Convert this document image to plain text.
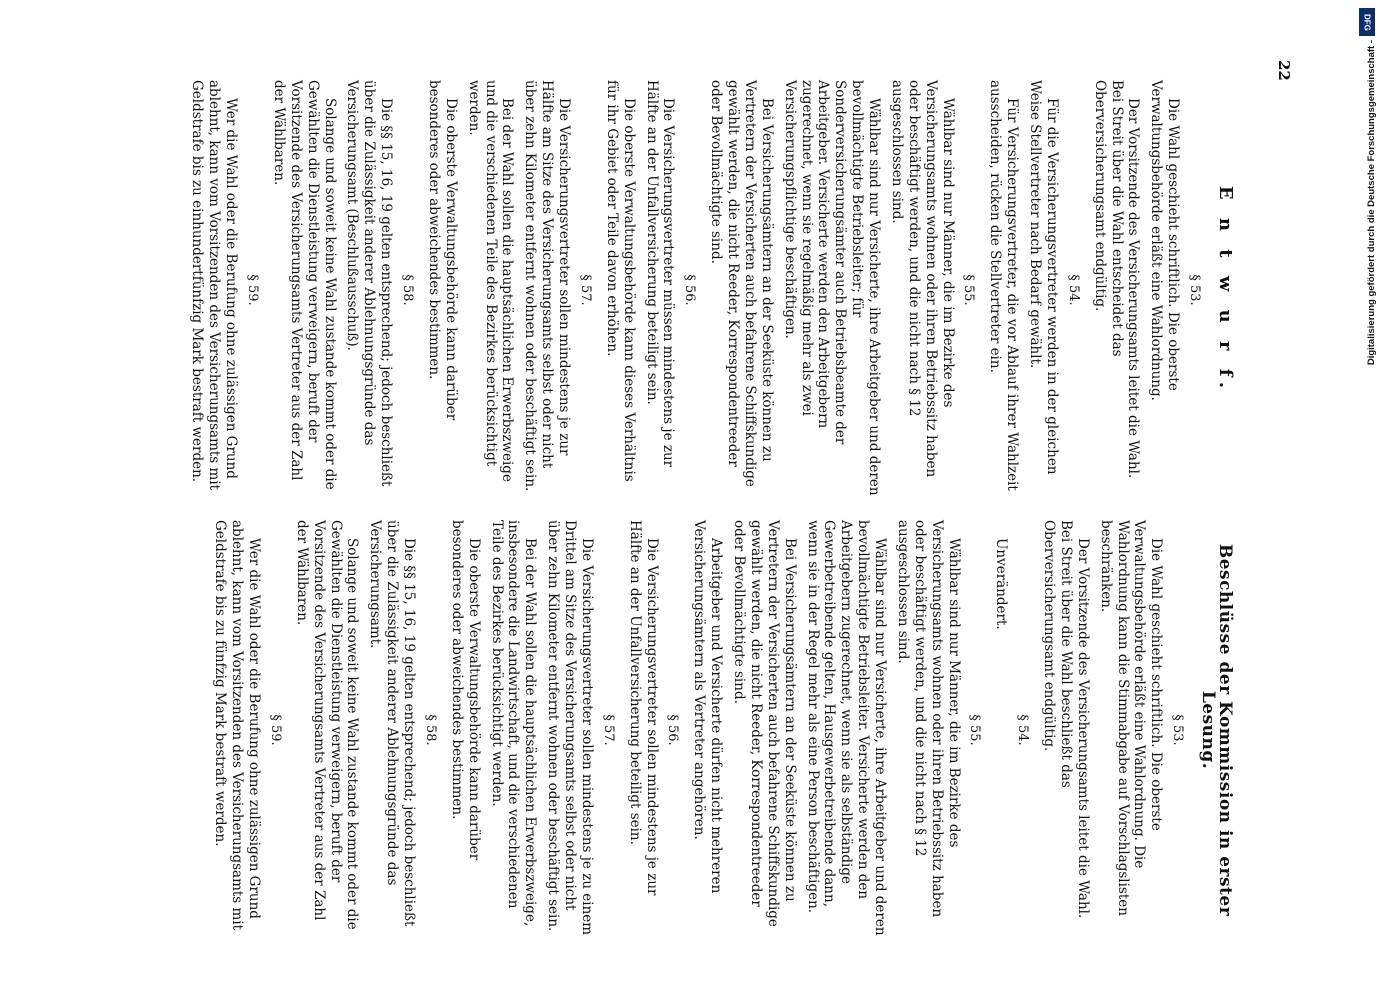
22
E n t w u r f.
§ 53.
Die Wahl geschieht schriftlich. Die oberste Verwaltungsbehörde erläßt eine Wahlordnung.
Der Vorsitzende des Versicherungsamts leitet die Wahl. Bei Streit über die Wahl entscheidet das Oberversicherungsamt endgültig.
§ 54.
Für die Versicherungsvertreter werden in der gleichen Weise Stellvertreter nach Bedarf gewählt.
Für Versicherungsvertreter, die vor Ablauf ihrer Wahlzeit ausscheiden, rücken die Stellvertreter ein.
§ 55.
Wählbar sind nur Männer, die im Bezirke des Versicherungsamts wohnen oder ihren Betriebssitz haben oder beschäftigt werden, und die nicht nach § 12 ausgeschlossen sind.
Wählbar sind nur Versicherte, ihre Arbeitgeber und deren bevollmächtigte Betriebsleiter; für Sonderversicherungsämter auch Betriebsbeamte der Arbeitgeber. Versicherte werden den Arbeitgebern zugerechnet, wenn sie regelmäßig mehr als zwei Versicherungspflichtige beschäftigen.
Bei Versicherungsämtern an der Seeküste können zu Vertretern der Versicherten auch befahrene Schiffskundige gewählt werden, die nicht Reeder, Korrespondentreeder oder Bevollmächtigte sind.
§ 56.
Die Versicherungsvertreter müssen mindestens je zur Hälfte an der Unfallversicherung beteiligt sein.
Die oberste Verwaltungsbehörde kann dieses Verhältnis für ihr Gebiet oder Teile davon erhöhen.
§ 57.
Die Versicherungsvertreter sollen mindestens je zur Hälfte am Sitze des Versicherungsamts selbst oder nicht über zehn Kilometer entfernt wohnen oder beschäftigt sein.
Bei der Wahl sollen die hauptsächlichen Erwerbszweige und die verschiedenen Teile des Bezirkes berücksichtigt werden.
Die oberste Verwaltungsbehörde kann darüber besonderes oder abweichendes bestimmen.
§ 58.
Die §§ 15, 16, 19 gelten entsprechend; jedoch beschließt über die Zulässigkeit anderer Ablehnungsgründe das Versicherungsamt (Beschlußausschuß).
Solange und soweit keine Wahl zustande kommt oder die Gewählten die Dienstleistung verweigern, beruft der Vorsitzende des Versicherungsamts Vertreter aus der Zahl der Wählbaren.
§ 59.
Wer die Wahl oder die Berufung ohne zulässigen Grund ablehnt, kann vom Vorsitzenden des Versicherungsamts mit Geldstrafe bis zu einhundertfünfzig Mark bestraft werden.
Beschlüsse der Kommission in erster Lesung.
§ 53.
Die Wahl geschieht schriftlich. Die oberste Verwaltungsbehörde erläßt eine Wahlordnung. Die Wahlordnung kann die Stimmabgabe auf Vorschlagslisten beschränken.
Der Vorsitzende des Versicherungsamts leitet die Wahl. Bei Streit über die Wahl beschließt das Oberversicherungsamt endgültig.
§ 54.
Unverändert.
§ 55.
Wählbar sind nur Männer, die im Bezirke des Versicherungsamts wohnen oder ihren Betriebssitz haben oder beschäftigt werden, und die nicht nach § 12 ausgeschlossen sind.
Wählbar sind nur Versicherte, ihre Arbeitgeber und deren bevollmächtigte Betriebsleiter. Versicherte werden den Arbeitgebern zugerechnet, wenn sie als selbständige Gewerbetreibende gelten, Hausgewerbetreibende dann, wenn sie in der Regel mehr als eine Person beschäftigen.
Bei Versicherungsämtern an der Seeküste können zu Vertretern der Versicherten auch befahrene Schiffskundige gewählt werden, die nicht Reeder, Korrespondentreeder oder Bevollmächtigte sind.
Arbeitgeber und Versicherte dürfen nicht mehreren Versicherungsämtern als Vertreter angehören.
§ 56.
Die Versicherungsvertreter sollen mindestens je zur Hälfte an der Unfallversicherung beteiligt sein.
§ 57.
Die Versicherungsvertreter sollen mindestens je zu einem Drittel am Sitze des Versicherungsamts selbst oder nicht über zehn Kilometer entfernt wohnen oder beschäftigt sein.
Bei der Wahl sollen die hauptsächlichen Erwerbszweige, insbesondere die Landwirtschaft, und die verschiedenen Teile des Bezirkes berücksichtigt werden.
Die oberste Verwaltungsbehörde kann darüber besonderes oder abweichendes bestimmen.
§ 58.
Die §§ 15, 16, 19 gelten entsprechend; jedoch beschließt über die Zulässigkeit anderer Ablehnungsgründe das Versicherungsamt.
Solange und soweit keine Wahl zustande kommt oder die Gewählten die Dienstleistung verweigern, beruft der Vorsitzende des Versicherungsamts Vertreter aus der Zahl der Wählbaren.
§ 59.
Wer die Wahl oder die Berufung ohne zulässigen Grund ablehnt, kann vom Vorsitzenden des Versicherungsamts mit Geldstrafe bis zu fünfzig Mark bestraft werden.
DFG
Digitalisierung gefördert durch die Deutsche Forschungsgemeinschaft -
